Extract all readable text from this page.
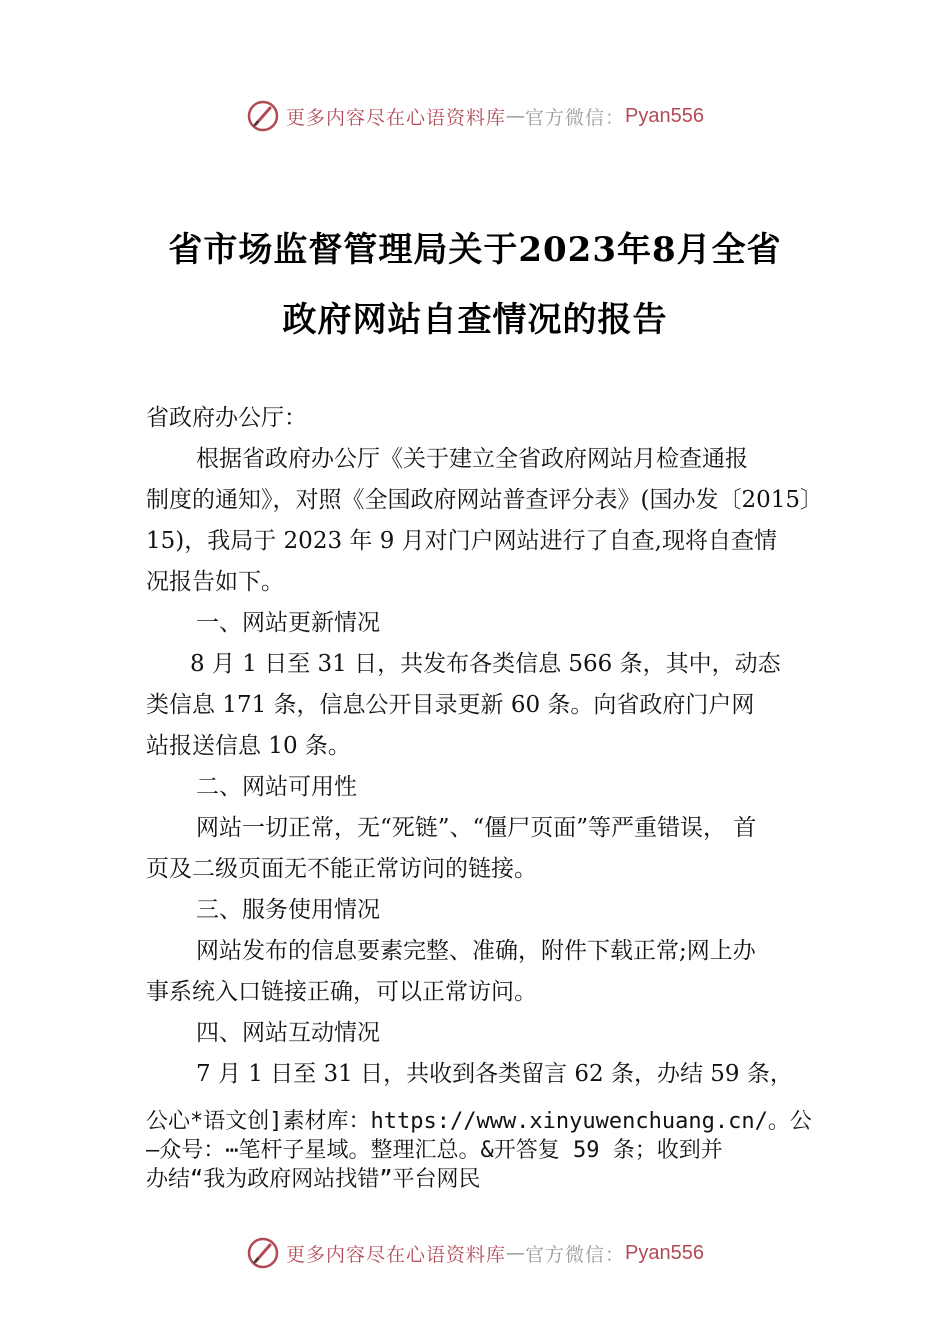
更多内容尽在心语资料库 — 官方微信： Pyan556
省市场监督管理局关于2023年8月全省
政府网站自查情况的报告
省政府办公厅：
根据省政府办公厅《关于建立全省政府网站月检查通报
制度的通知》，对照《全国政府网站普查评分表》(国办发〔2015〕
15)，我局于 2023 年 9 月对门户网站进行了自查,现将自查情
况报告如下。
一、网站更新情况
8 月 1 日至 31 日，共发布各类信息 566 条，其中，动态
类信息 171 条，信息公开目录更新 60 条。向省政府门户网
站报送信息 10 条。
二、网站可用性
网站一切正常，无“死链”、“僵尸页面”等严重错误， 首
页及二级页面无不能正常访问的链接。
三、服务使用情况
网站发布的信息要素完整、准确，附件下载正常;网上办
事系统入口链接正确，可以正常访问。
四、网站互动情况
7 月 1 日至 31 日，共收到各类留言 62 条，办结 59 条，
公心*语文创]素材库：https://www.xinyuwenchuang.cn/。公
—众号：⋯笔杆子星域。整理汇总。&开答复 59 条；收到并
办结“我为政府网站找错”平台网民
更多内容尽在心语资料库 — 官方微信： Pyan556
